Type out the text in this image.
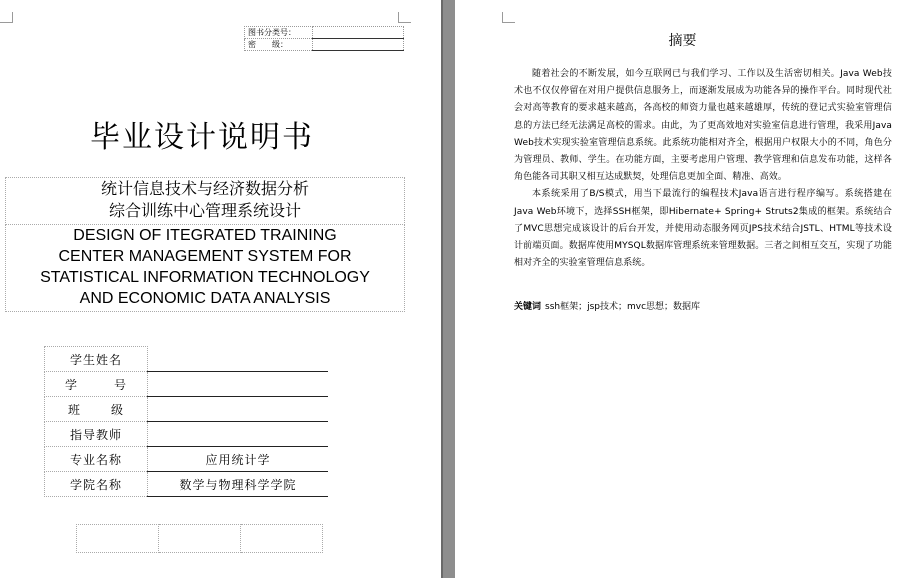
图书分类号：	
密　　级：	
毕业设计说明书
统计信息技术与经济数据分析
综合训练中心管理系统设计
DESIGN OF ITEGRATED TRAINING
CENTER MANAGEMENT SYSTEM FOR
STATISTICAL INFORMATION TECHNOLOGY
AND ECONOMIC DATA ANALYSIS
学生姓名	

学 号	

班 级	

指导教师	
专业名称	应用统计学
学院名称	数学与物理科学学院

摘要

随着社会的不断发展，如今互联网已与我们学习、工作以及生活密切相关。Java Web技术也不仅仅停留在对用户提供信息服务上，而逐渐发展成为功能各异的操作平台。同时现代社会对高等教育的要求越来越高，各高校的师资力量也越来越雄厚，传统的登记式实验室管理信息的方法已经无法满足高校的需求。由此，为了更高效地对实验室信息进行管理，我采用Java Web技术实现实验室管理信息系统。此系统功能相对齐全，根据用户权限大小的不同，角色分为管理员、教师、学生。在功能方面，主要考虑用户管理、教学管理和信息发布功能，这样各角色能各司其职又相互达成默契，处理信息更加全面、精准、高效。

本系统采用了B/S模式，用当下最流行的编程技术Java语言进行程序编写。系统搭建在Java Web环境下，选择SSH框架，即Hibernate+ Spring+ Struts2集成的框架。系统结合了MVC思想完成该设计的后台开发，并使用动态服务网页JPS技术结合JSTL、HTML等技术设计前端页面。数据库使用MYSQL数据库管理系统来管理数据。三者之间相互交互，实现了功能相对齐全的实验室管理信息系统。

关键词 ssh框架；jsp技术；mvc思想；数据库
